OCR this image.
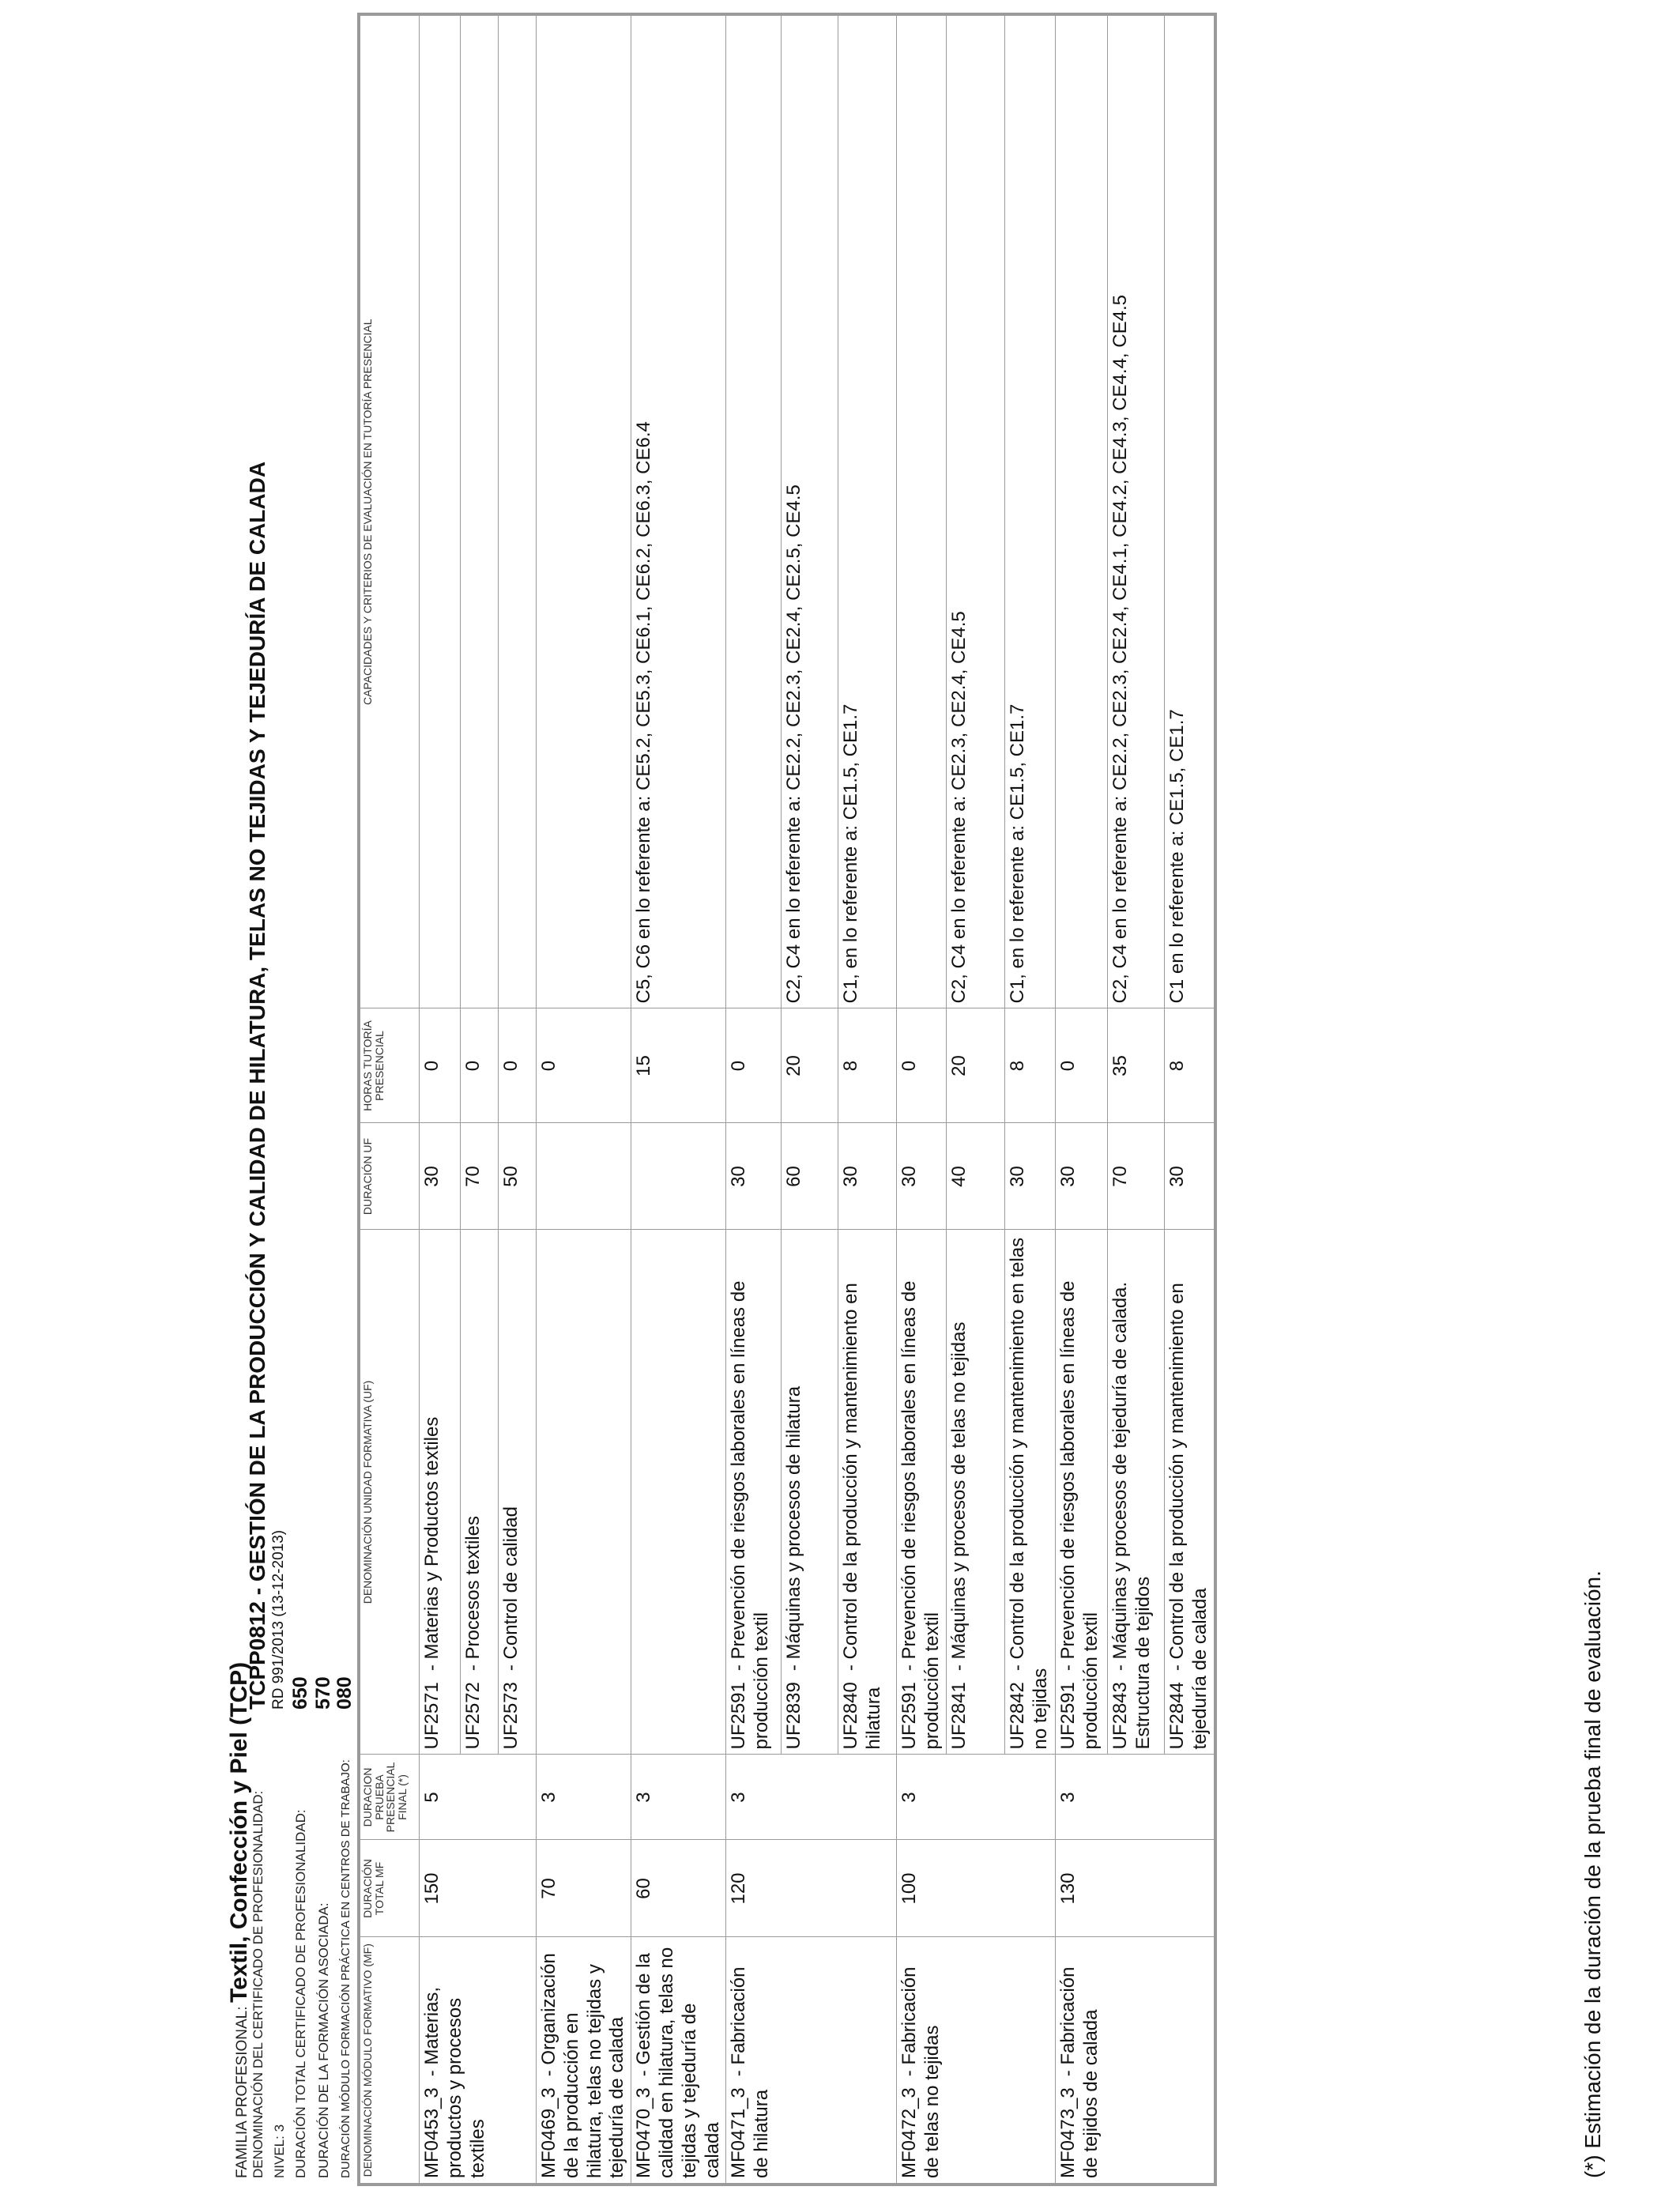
FAMILIA PROFESIONAL: Textil, Confección y Piel (TCP)
DENOMINACIÓN DEL CERTIFICADO DE PROFESIONALIDAD:
TCPP0812 - GESTIÓN DE LA PRODUCCIÓN Y CALIDAD DE HILATURA, TELAS NO TEJIDAS Y TEJEDURÍA DE CALADA
NIVEL: 3
RD 991/2013 (13-12-2013)
DURACIÓN TOTAL CERTIFICADO DE PROFESIONALIDAD:
650
DURACIÓN DE LA FORMACIÓN ASOCIADA:
570
DURACIÓN MÓDULO FORMACIÓN PRÁCTICA EN CENTROS DE TRABAJO:
080
DENOMINACIÓN MÓDULO FORMATIVO (MF)	DURACIÓN TOTAL MF	DURACION PRUEBA PRESENCIAL FINAL (*)	DENOMINACIÓN UNIDAD FORMATIVA (UF)	DURACIÓN UF	HORAS TUTORÍA PRESENCIAL	CAPACIDADES Y CRITERIOS DE EVALUACIÓN EN TUTORÍA PRESENCIAL
MF0453_3- Materias, productos y procesos textiles	150	5	UF2571- Materias y Productos textiles	30	0	
			UF2572- Procesos textiles	70	0	
			UF2573- Control de calidad	50	0	
MF0469_3- Organización de la producción en hilatura, telas no tejidas y tejeduría de calada	70	3			0	
MF0470_3- Gestión de la calidad en hilatura, telas no tejidas y tejeduría de calada	60	3			15	C5, C6 en lo referente a: CE5.2, CE5.3, CE6.1, CE6.2, CE6.3, CE6.4
MF0471_3- Fabricación de hilatura	120	3	UF2591- Prevención de riesgos laborales en líneas de producción textil	30	0	
			UF2839- Máquinas y procesos de hilatura	60	20	C2, C4 en lo referente a: CE2.2, CE2.3, CE2.4, CE2.5, CE4.5
			UF2840- Control de la producción y mantenimiento en hilatura	30	8	C1, en lo referente a: CE1.5, CE1.7
MF0472_3- Fabricación de telas no tejidas	100	3	UF2591- Prevención de riesgos laborales en líneas de producción textil	30	0	
			UF2841- Máquinas y procesos de telas no tejidas	40	20	C2, C4 en lo referente a: CE2.3, CE2.4, CE4.5
			UF2842- Control de la producción y mantenimiento en telas no tejidas	30	8	C1, en lo referente a: CE1.5, CE1.7
MF0473_3- Fabricación de tejidos de calada	130	3	UF2591- Prevención de riesgos laborales en líneas de producción textil	30	0	
			UF2843- Máquinas y procesos de tejeduría de calada. Estructura de tejidos	70	35	C2, C4 en lo referente a: CE2.2, CE2.3, CE2.4, CE4.1, CE4.2, CE4.3, CE4.4, CE4.5
			UF2844- Control de la producción y mantenimiento en tejeduría de calada	30	8	C1 en lo referente a: CE1.5, CE1.7
(*) Estimación de la duración de la prueba final de evaluación.
